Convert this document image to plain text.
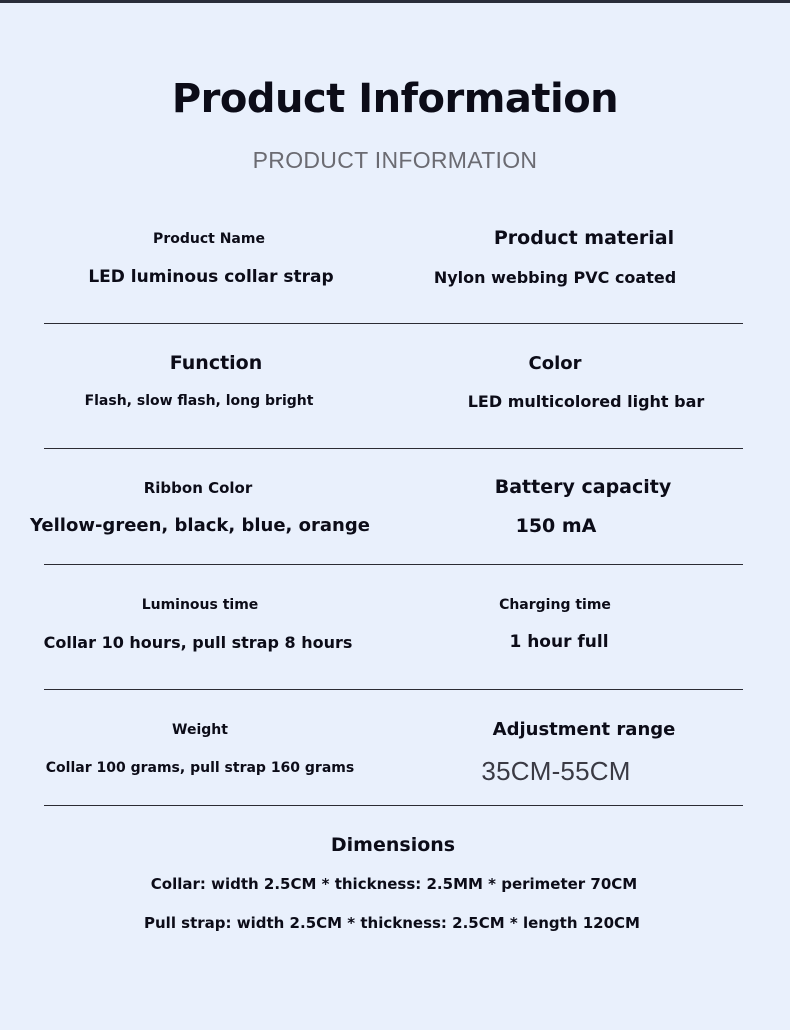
Product Information
PRODUCT INFORMATION
Product Name
LED luminous collar strap
Product material
Nylon webbing PVC coated
Function
Flash, slow flash, long bright
Color
LED multicolored light bar
Ribbon Color
Yellow-green, black, blue, orange
Battery capacity
150 mA
Luminous time
Collar 10 hours, pull strap 8 hours
Charging time
1 hour full
Weight
Collar 100 grams, pull strap 160 grams
Adjustment range
35CM-55CM
Dimensions
Collar: width 2.5CM * thickness: 2.5MM * perimeter 70CM
Pull strap: width 2.5CM * thickness: 2.5CM * length 120CM
